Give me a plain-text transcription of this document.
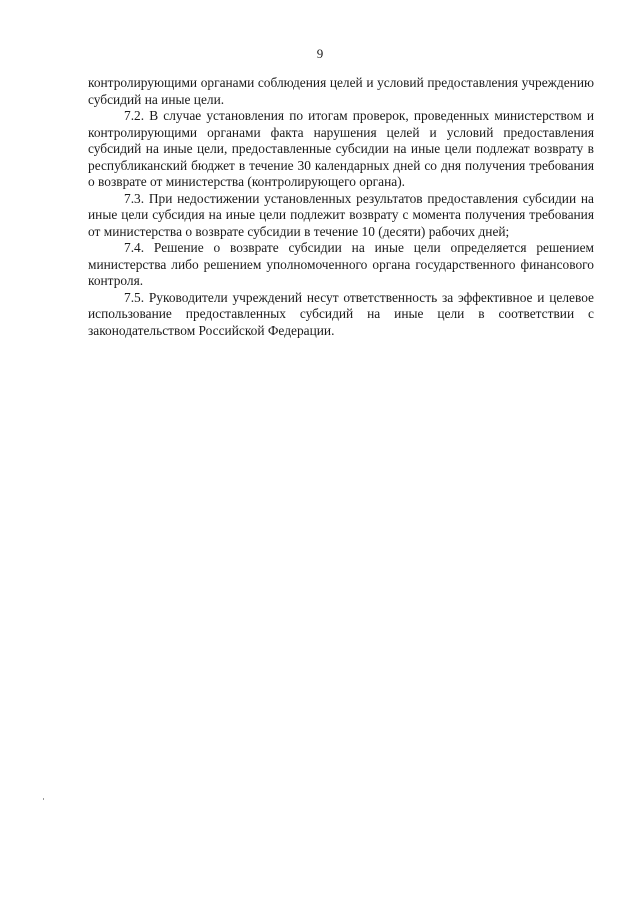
9

контролирующими органами соблюдения целей и условий предоставления учреждению субсидий на иные цели.

7.2. В случае установления по итогам проверок, проведенных министерством и контролирующими органами факта нарушения целей и условий предоставления субсидий на иные цели, предоставленные субсидии на иные цели подлежат возврату в республиканский бюджет в течение 30 календарных дней со дня получения требования о возврате от министерства (контролирующего органа).

7.3. При недостижении установленных результатов предоставления субсидии на иные цели субсидия на иные цели подлежит возврату с момента получения требования от министерства о возврате субсидии в течение 10 (десяти) рабочих дней;

7.4. Решение о возврате субсидии на иные цели определяется решением министерства либо решением уполномоченного органа государственного финансового контроля.

7.5. Руководители учреждений несут ответственность за эффективное и целевое использование предоставленных субсидий на иные цели в соответствии с законодательством Российской Федерации.
